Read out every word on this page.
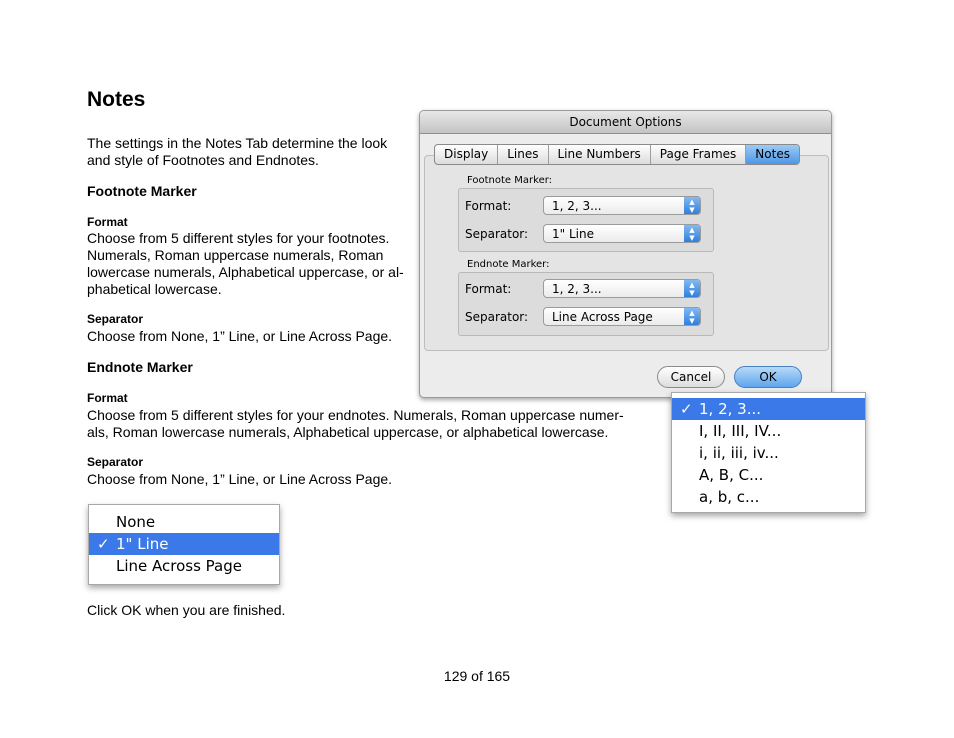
Notes
The settings in the Notes Tab determine the look
and style of Footnotes and Endnotes.
Footnote Marker
Format
Choose from 5 different styles for your footnotes.
Numerals, Roman uppercase numerals, Roman
lowercase numerals, Alphabetical uppercase, or al-
phabetical lowercase.
Separator
Choose from None, 1” Line, or Line Across Page.
Endnote Marker
Format
Choose from 5 different styles for your endnotes. Numerals, Roman uppercase numer-
als, Roman lowercase numerals, Alphabetical uppercase, or alphabetical lowercase.
Separator
Choose from None, 1” Line, or Line Across Page.
Click OK when you are finished.
129 of 165
Document Options
Display	Lines	Line Numbers	Page Frames	Notes
Footnote Marker:
Format:	1, 2, 3...	▲
▼
Separator:	1" Line	▲
▼
Endnote Marker:
Format:	1, 2, 3...	▲
▼
Separator:	Line Across Page	▲
▼
Cancel	OK
✓ 1, 2, 3...
I, II, III, IV...
i, ii, iii, iv...
A, B, C...
a, b, c...
None
✓ 1" Line
Line Across Page
